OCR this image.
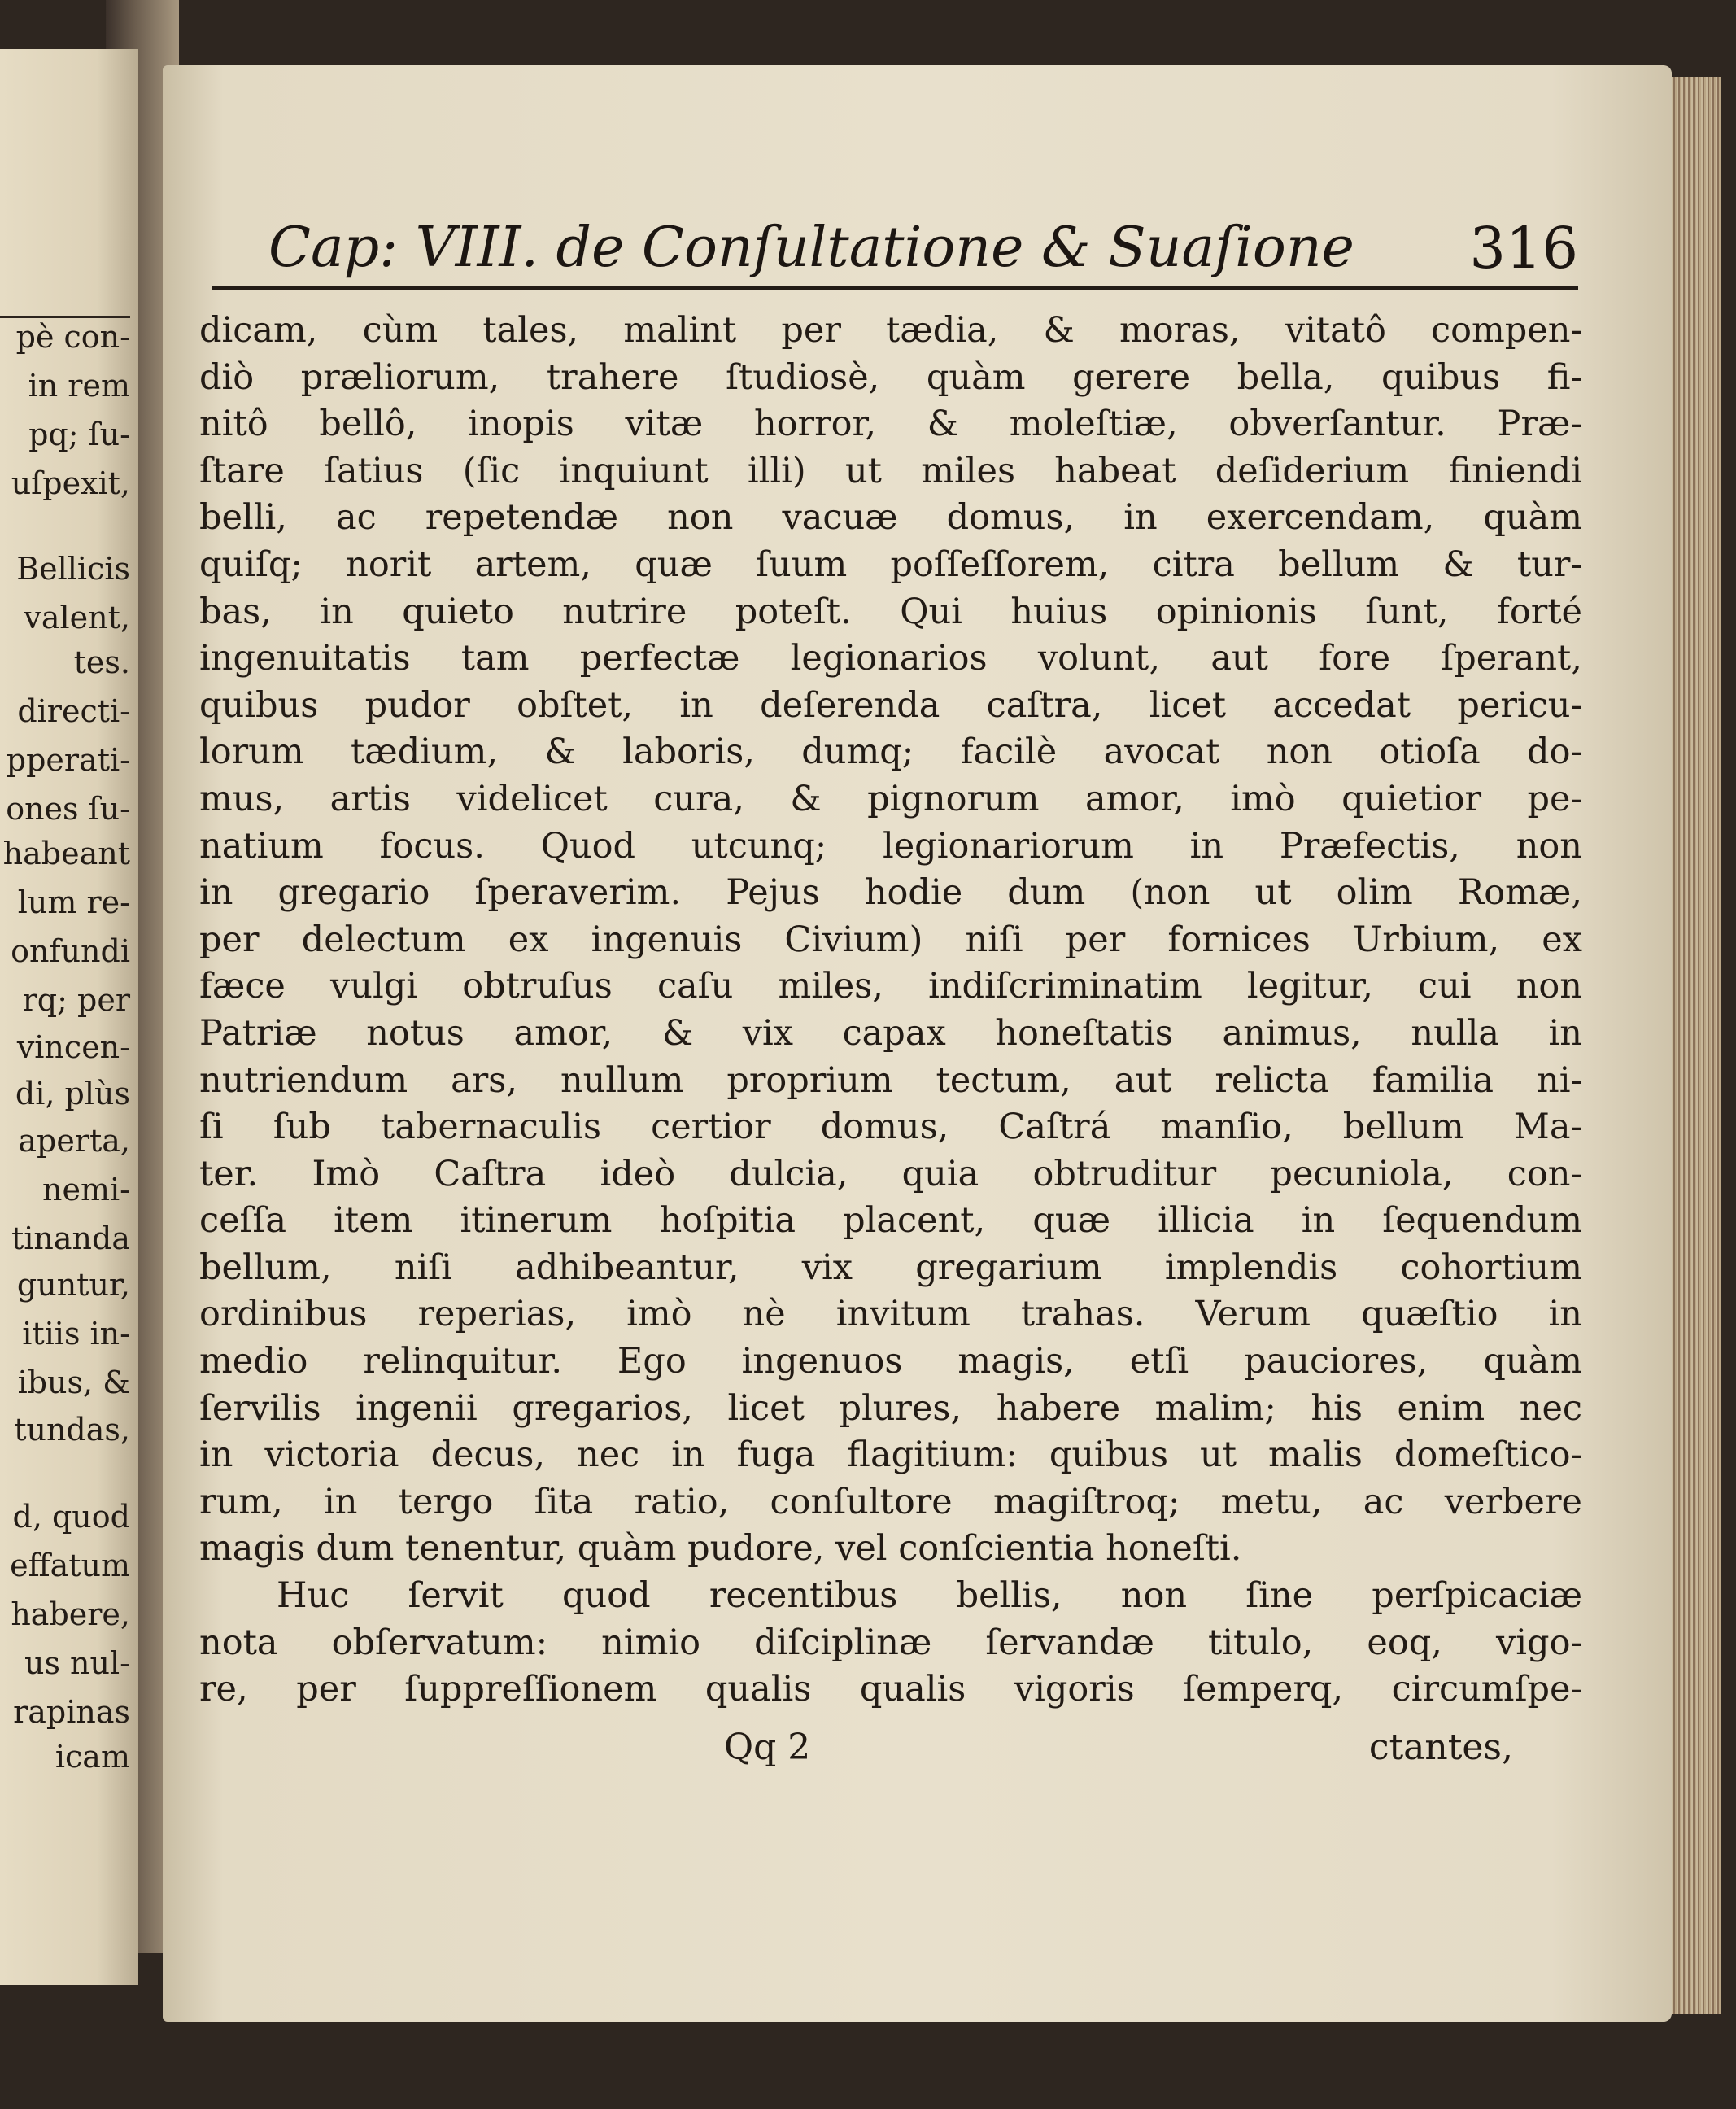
pè con-
in rem
pq; ſu-
uſpexit,
Bellicis
valent,
tes.
directi-
pperati-
ones ſu-
habeant
lum re-
onfundi
rq; per
vincen-
di, plùs
aperta,
nemi-
tinanda
guntur,
itiis in-
ibus, &
tundas,
d, quod
effatum
habere,
us nul-
rapinas
icam
Cap: VIII. de Conſultatione & Suaſione	316
dicam, cùm tales, malint per tædia, & moras, vitatô compen-
diò præliorum, trahere ſtudiosè, quàm gerere bella, quibus fi-
nitô bellô, inopis vitæ horror, & moleſtiæ, obverſantur. Præ-
ſtare ſatius (ſic inquiunt illi) ut miles habeat deſiderium finiendi
belli, ac repetendæ non vacuæ domus, in exercendam, quàm
quiſq; norit artem, quæ ſuum poſſeſſorem, citra bellum & tur-
bas, in quieto nutrire poteſt. Qui huius opinionis ſunt, forté
ingenuitatis tam perfectæ legionarios volunt, aut fore ſperant,
quibus pudor obſtet, in deſerenda caſtra, licet accedat pericu-
lorum tædium, & laboris, dumq; facilè avocat non otioſa do-
mus, artis videlicet cura, & pignorum amor, imò quietior pe-
natium focus. Quod utcunq; legionariorum in Præfectis, non
in gregario ſperaverim. Pejus hodie dum (non ut olim Romæ,
per delectum ex ingenuis Civium) niſi per fornices Urbium, ex
fæce vulgi obtruſus caſu miles, indiſcriminatim legitur, cui non
Patriæ notus amor, & vix capax honeſtatis animus, nulla in
nutriendum ars, nullum proprium tectum, aut relicta familia ni-
ſi ſub tabernaculis certior domus, Caſtrá manſio, bellum Ma-
ter. Imò Caſtra ideò dulcia, quia obtruditur pecuniola, con-
ceſſa item itinerum hoſpitia placent, quæ illicia in ſequendum
bellum, niſi adhibeantur, vix gregarium implendis cohortium
ordinibus reperias, imò nè invitum trahas. Verum quæſtio in
medio relinquitur. Ego ingenuos magis, etſi pauciores, quàm
ſervilis ingenii gregarios, licet plures, habere malim; his enim nec
in victoria decus, nec in fuga flagitium: quibus ut malis domeſtico-
rum, in tergo ſita ratio, conſultore magiſtroq; metu, ac verbere
magis dum tenentur, quàm pudore, vel conſcientia honeſti.
Huc ſervit quod recentibus bellis, non ſine perſpicaciæ
nota obſervatum: nimio diſciplinæ ſervandæ titulo, eoq, vigo-
re, per ſuppreſſionem qualis qualis vigoris ſemperq, circumſpe-
Qq 2	ctantes,
